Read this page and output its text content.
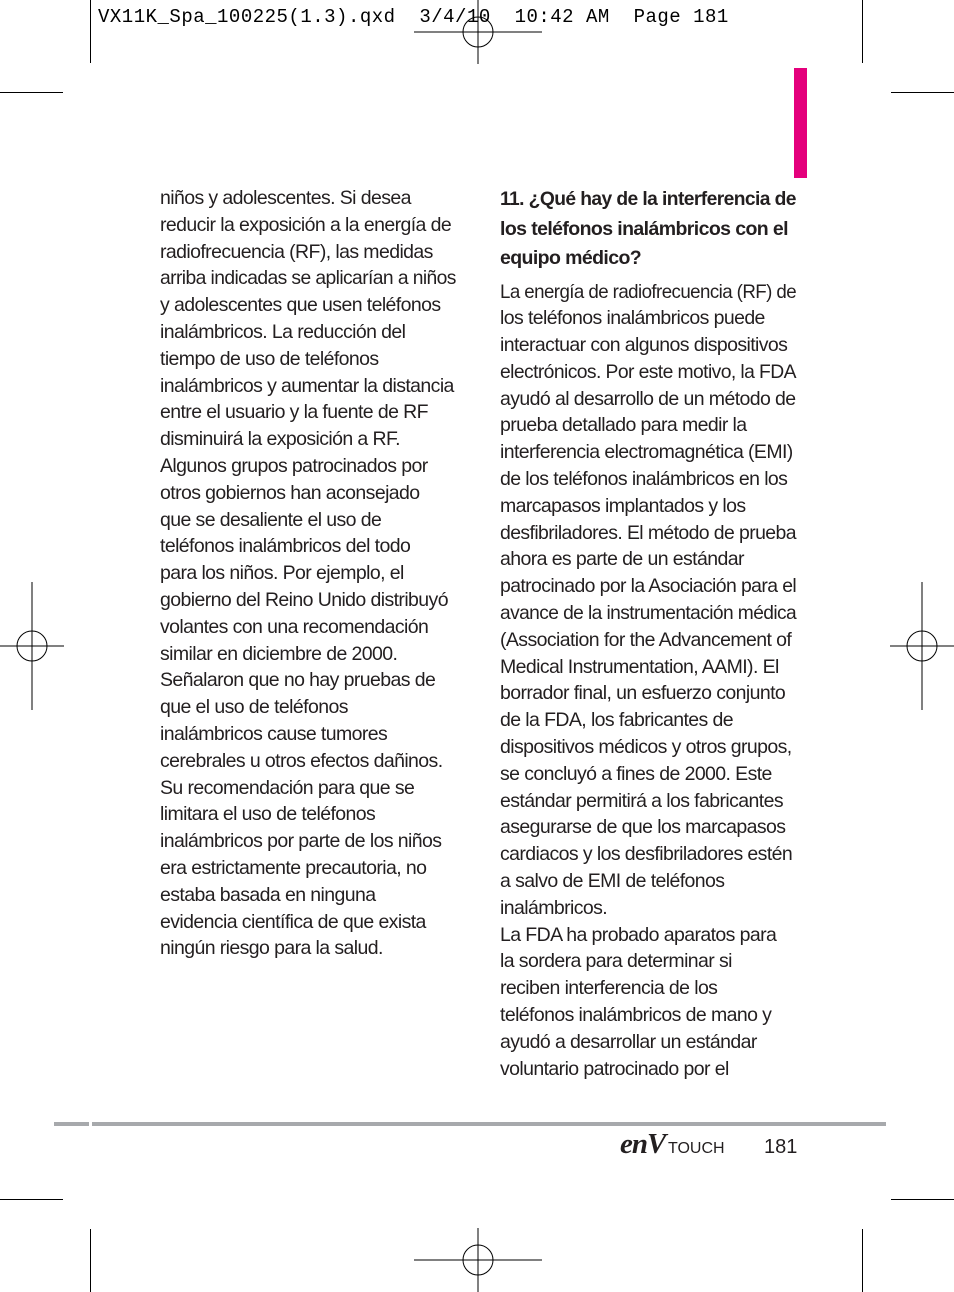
VX11K_Spa_100225(1.3).qxd  3/4/10  10:42 AM  Page 181
niños y adolescentes. Si desea
reducir la exposición a la energía de
radiofrecuencia (RF), las medidas
arriba indicadas se aplicarían a niños
y adolescentes que usen teléfonos
inalámbricos. La reducción del
tiempo de uso de teléfonos
inalámbricos y aumentar la distancia
entre el usuario y la fuente de RF
disminuirá la exposición a RF.
Algunos grupos patrocinados por
otros gobiernos han aconsejado
que se desaliente el uso de
teléfonos inalámbricos del todo
para los niños. Por ejemplo, el
gobierno del Reino Unido distribuyó
volantes con una recomendación
similar en diciembre de 2000.
Señalaron que no hay pruebas de
que el uso de teléfonos
inalámbricos cause tumores
cerebrales u otros efectos dañinos.
Su recomendación para que se
limitara el uso de teléfonos
inalámbricos por parte de los niños
era estrictamente precautoria, no
estaba basada en ninguna
evidencia científica de que exista
ningún riesgo para la salud.
11. ¿Qué hay de la interferencia de
los teléfonos inalámbricos con el
equipo médico?
La energía de radiofrecuencia (RF) de
los teléfonos inalámbricos puede
interactuar con algunos dispositivos
electrónicos. Por este motivo, la FDA
ayudó al desarrollo de un método de
prueba detallado para medir la
interferencia electromagnética (EMI)
de los teléfonos inalámbricos en los
marcapasos implantados y los
desfibriladores. El método de prueba
ahora es parte de un estándar
patrocinado por la Asociación para el
avance de la instrumentación médica
(Association for the Advancement of
Medical Instrumentation, AAMI). El
borrador final, un esfuerzo conjunto
de la FDA, los fabricantes de
dispositivos médicos y otros grupos,
se concluyó a fines de 2000. Este
estándar permitirá a los fabricantes
asegurarse de que los marcapasos
cardiacos y los desfibriladores estén
a salvo de EMI de teléfonos
inalámbricos.
La FDA ha probado aparatos para
la sordera para determinar si
reciben interferencia de los
teléfonos inalámbricos de mano y
ayudó a desarrollar un estándar
voluntario patrocinado por el
enV TOUCH 181
